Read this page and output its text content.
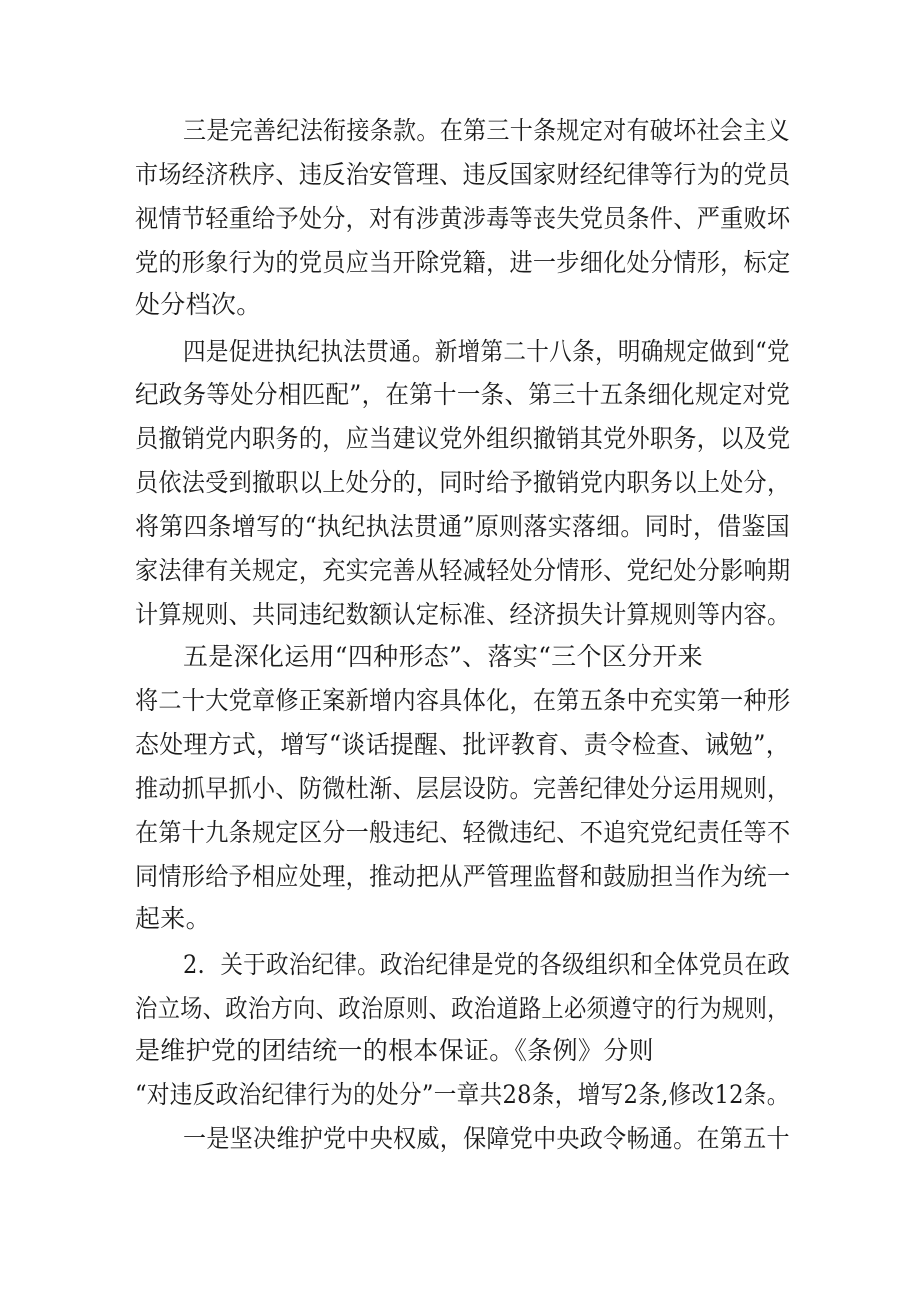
三是完善纪法衔接条款。在第三十条规定对有破坏社会主义
市场经济秩序、违反治安管理、违反国家财经纪律等行为的党员
视情节轻重给予处分，对有涉黄涉毒等丧失党员条件、严重败坏
党的形象行为的党员应当开除党籍，进一步细化处分情形，标定
处分档次。
四是促进执纪执法贯通。新增第二十八条，明确规定做到“党
纪政务等处分相匹配”，在第十一条、第三十五条细化规定对党
员撤销党内职务的，应当建议党外组织撤销其党外职务，以及党
员依法受到撤职以上处分的，同时给予撤销党内职务以上处分，
将第四条增写的“执纪执法贯通”原则落实落细。同时，借鉴国
家法律有关规定，充实完善从轻减轻处分情形、党纪处分影响期
计算规则、共同违纪数额认定标准、经济损失计算规则等内容。
五是深化运用“四种形态”、落实“三个区分开来
将二十大党章修正案新增内容具体化，在第五条中充实第一种形
态处理方式，增写“谈话提醒、批评教育、责令检查、诫勉”，
推动抓早抓小、防微杜渐、层层设防。完善纪律处分运用规则，
在第十九条规定区分一般违纪、轻微违纪、不追究党纪责任等不
同情形给予相应处理，推动把从严管理监督和鼓励担当作为统一
起来。
2．关于政治纪律。政治纪律是党的各级组织和全体党员在政
治立场、政治方向、政治原则、政治道路上必须遵守的行为规则，
是维护党的团结统一的根本保证。《条例》分则
“对违反政治纪律行为的处分”一章共28条，增写2条,修改12条。
一是坚决维护党中央权威，保障党中央政令畅通。在第五十
